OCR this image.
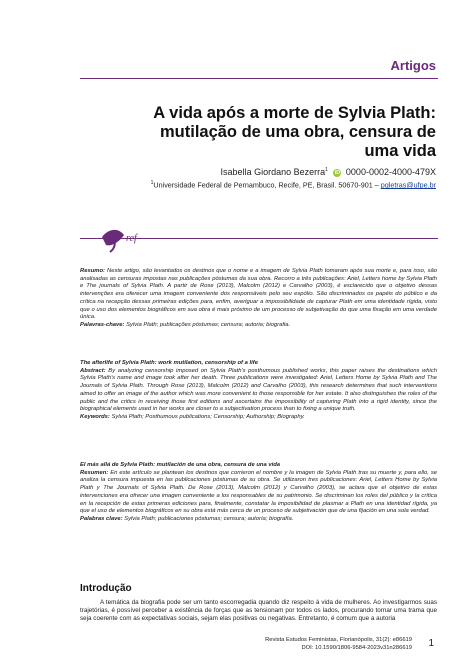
Artigos
A vida após a morte de Sylvia Plath:
mutilação de uma obra, censura de
uma vida
Isabella Giordano Bezerra$^1$ iD 0000-0002-4000-479X
$^1$Universidade Federal de Pernambuco, Recife, PE, Brasil. 50670-901 – pgletras@ufpe.br
ref
Resumo: Neste artigo, são levantados os destinos que o nome e a imagem de Sylvia Plath tomaram após sua morte e, para isso, são analisadas as censuras impostas nas publicações póstumas da sua obra. Recorro a três publicações: Ariel, Letters home by Sylvia Plath e The journals of Sylvia Plath. A partir de Rose (2013), Malcolm (2012) e Carvalho (2003), é esclarecido que o objetivo dessas intervenções era oferecer uma imagem conveniente dos responsáveis pelo seu espólio. São discriminados os papéis do público e da crítica na recepção dessas primeiras edições para, enfim, averiguar a impossibilidade de capturar Plath em uma identidade rígida, visto que o uso dos elementos biográficos em sua obra é mais próximo de um processo de subjetivação do que uma fixação em uma verdade única.
Palavras-chave: Sylvia Plath; publicações póstumas; censura; autoria; biografia.
The afterlife of Sylvia Plath: work mutilation, censorship of a life
Abstract: By analyzing censorship imposed on Sylvia Plath's posthumous published works, this paper raises the destinations which Sylvia Plath's name and image took after her death. Three publications were investigated: Ariel, Letters Home by Sylvia Plath and The Journals of Sylvia Plath. Through Rose (2013), Malcolm (2012) and Carvalho (2003), this research determines that such interventions aimed to offer an image of the author which was more convenient to those responsible for her estate. It also distinguishes the roles of the public and the critics in receiving those first editions and ascertains the impossibility of capturing Plath into a rigid identity, since the biographical elements used in her works are closer to a subjectivation process than to fixing a unique truth.
Keywords: Sylvia Plath; Posthumous publications; Censorship; Authorship; Biography.
El más allá de Sylvia Plath: mutilación de una obra, censura de una vida
Resumen: En este artículo se plantean los destinos que corrieron el nombre y la imagen de Sylvia Plath tras su muerte y, para ello, se analiza la censura impuesta en las publicaciones póstumas de su obra. Se utilizaron tres publicaciones: Ariel, Letters Home by Sylvia Plath y The Journals of Sylvia Plath. De Rose (2013), Malcolm (2012) y Carvalho (2003), se aclara que el objetivo de estas intervenciones era ofrecer una imagen conveniente a los responsables de su patrimonio. Se discriminan los roles del público y la crítica en la recepción de estas primeras ediciones para, finalmente, constatar la imposibilidad de plasmar a Plath en una identidad rígida, ya que el uso de elementos biográficos en su obra está más cerca de un proceso de subjetivación que de una fijación en una sola verdad.
Palabras clave: Sylvia Plath; publicaciones póstumas; censura; autoría; biografía.
Introdução
A temática da biografia pode ser um tanto escorregadia quando diz respeito à vida de mulheres. Ao investigarmos suas trajetórias, é possível perceber a existência de forças que as tensionam por todos os lados, procurando tornar uma trama que seja coerente com as expectativas sociais, sejam elas positivas ou negativas. Entretanto, é comum que a autoria
Revista Estudos Feministas, Florianópolis, 31(2): e86619
DOI: 10.1590/1806-9584-2023v31n286619 1
